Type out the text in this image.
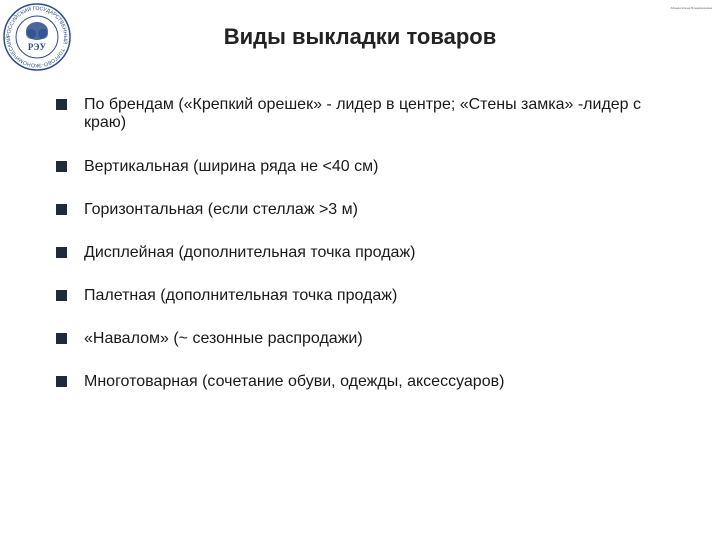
РОССИЙСКИЙ ГОСУДАРСТВЕННЫЙ · ТОРГОВО-ЭКОНОМИЧЕСКИЙ
РЭУ
Абаева Елена Владимировна
Виды выкладки товаров
По брендам («Крепкий орешек» - лидер в центре; «Стены замка» -лидер с краю)
Вертикальная (ширина ряда не <40 см)
Горизонтальная (если стеллаж >3 м)
Дисплейная (дополнительная точка продаж)
Палетная (дополнительная точка продаж)
«Навалом» (~ сезонные распродажи)
Многотоварная (сочетание обуви, одежды, аксессуаров)
